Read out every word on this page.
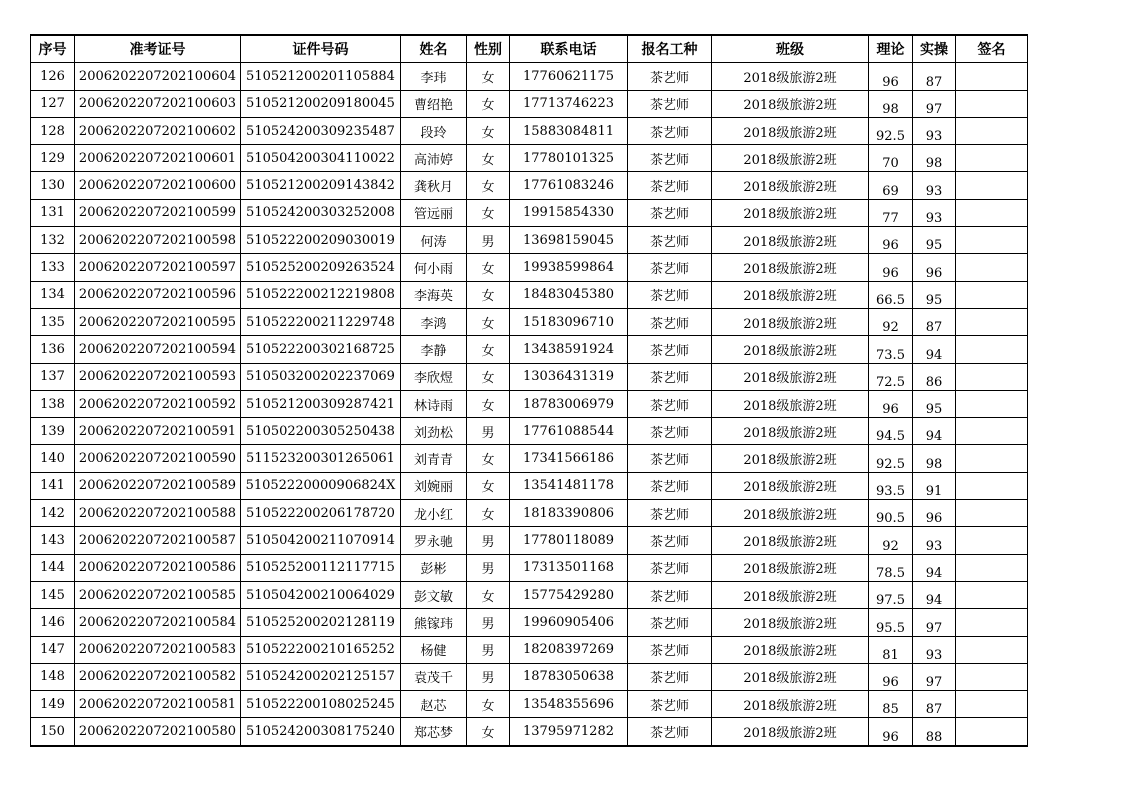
序号	准考证号	证件号码	姓名	性别	联系电话	报名工种	班级	理论	实操	签名
126	2006202207202100604	510521200201105884	李玮	女	17760621175	茶艺师	2018级旅游2班	96	87	
127	2006202207202100603	510521200209180045	曹绍艳	女	17713746223	茶艺师	2018级旅游2班	98	97	
128	2006202207202100602	510524200309235487	段玲	女	15883084811	茶艺师	2018级旅游2班	92.5	93	
129	2006202207202100601	510504200304110022	高沛婷	女	17780101325	茶艺师	2018级旅游2班	70	98	
130	2006202207202100600	510521200209143842	龚秋月	女	17761083246	茶艺师	2018级旅游2班	69	93	
131	2006202207202100599	510524200303252008	管远丽	女	19915854330	茶艺师	2018级旅游2班	77	93	
132	2006202207202100598	510522200209030019	何涛	男	13698159045	茶艺师	2018级旅游2班	96	95	
133	2006202207202100597	510525200209263524	何小雨	女	19938599864	茶艺师	2018级旅游2班	96	96	
134	2006202207202100596	510522200212219808	李海英	女	18483045380	茶艺师	2018级旅游2班	66.5	95	
135	2006202207202100595	510522200211229748	李鸿	女	15183096710	茶艺师	2018级旅游2班	92	87	
136	2006202207202100594	510522200302168725	李静	女	13438591924	茶艺师	2018级旅游2班	73.5	94	
137	2006202207202100593	510503200202237069	李欣煜	女	13036431319	茶艺师	2018级旅游2班	72.5	86	
138	2006202207202100592	510521200309287421	林诗雨	女	18783006979	茶艺师	2018级旅游2班	96	95	
139	2006202207202100591	510502200305250438	刘劲松	男	17761088544	茶艺师	2018级旅游2班	94.5	94	
140	2006202207202100590	511523200301265061	刘青青	女	17341566186	茶艺师	2018级旅游2班	92.5	98	
141	2006202207202100589	51052220000906824X	刘婉丽	女	13541481178	茶艺师	2018级旅游2班	93.5	91	
142	2006202207202100588	510522200206178720	龙小红	女	18183390806	茶艺师	2018级旅游2班	90.5	96	
143	2006202207202100587	510504200211070914	罗永驰	男	17780118089	茶艺师	2018级旅游2班	92	93	
144	2006202207202100586	510525200112117715	彭彬	男	17313501168	茶艺师	2018级旅游2班	78.5	94	
145	2006202207202100585	510504200210064029	彭文敏	女	15775429280	茶艺师	2018级旅游2班	97.5	94	
146	2006202207202100584	510525200202128119	熊镓玮	男	19960905406	茶艺师	2018级旅游2班	95.5	97	
147	2006202207202100583	510522200210165252	杨健	男	18208397269	茶艺师	2018级旅游2班	81	93	
148	2006202207202100582	510524200202125157	袁茂千	男	18783050638	茶艺师	2018级旅游2班	96	97	
149	2006202207202100581	510522200108025245	赵芯	女	13548355696	茶艺师	2018级旅游2班	85	87	
150	2006202207202100580	510524200308175240	郑芯梦	女	13795971282	茶艺师	2018级旅游2班	96	88	
